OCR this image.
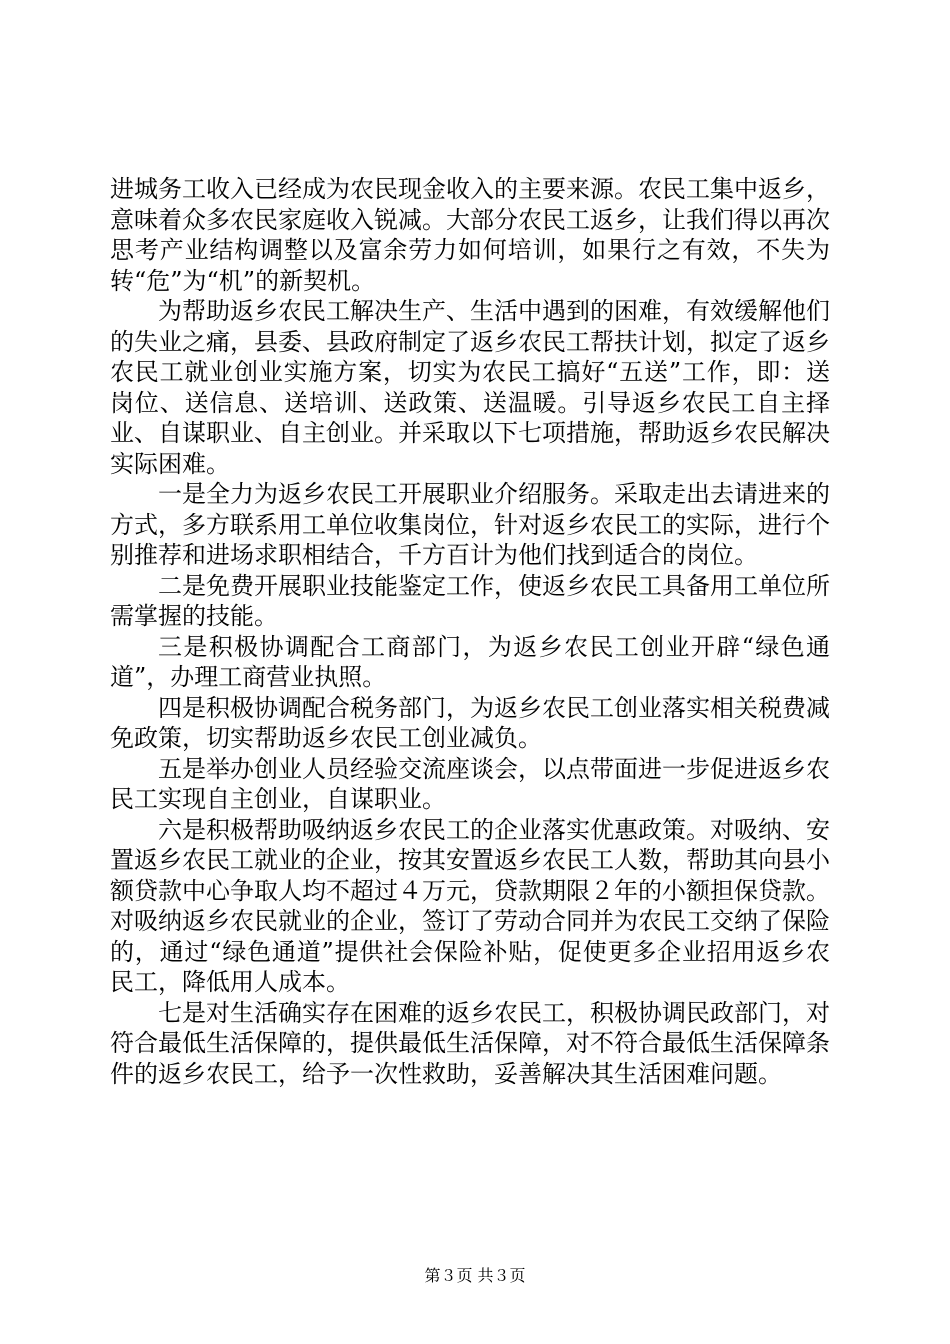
进城务工收入已经成为农民现金收入的主要来源。农民工集中返乡，意味着众多农民家庭收入锐减。大部分农民工返乡，让我们得以再次思考产业结构调整以及富余劳力如何培训，如果行之有效，不失为转“危”为“机”的新契机。

为帮助返乡农民工解决生产、生活中遇到的困难，有效缓解他们的失业之痛，县委、县政府制定了返乡农民工帮扶计划，拟定了返乡农民工就业创业实施方案，切实为农民工搞好“五送”工作，即：送岗位、送信息、送培训、送政策、送温暖。引导返乡农民工自主择业、自谋职业、自主创业。并采取以下七项措施，帮助返乡农民解决实际困难。

一是全力为返乡农民工开展职业介绍服务。采取走出去请进来的方式，多方联系用工单位收集岗位，针对返乡农民工的实际，进行个别推荐和进场求职相结合，千方百计为他们找到适合的岗位。

二是免费开展职业技能鉴定工作，使返乡农民工具备用工单位所需掌握的技能。

三是积极协调配合工商部门，为返乡农民工创业开辟“绿色通道”，办理工商营业执照。

四是积极协调配合税务部门，为返乡农民工创业落实相关税费减免政策，切实帮助返乡农民工创业减负。

五是举办创业人员经验交流座谈会，以点带面进一步促进返乡农民工实现自主创业，自谋职业。

六是积极帮助吸纳返乡农民工的企业落实优惠政策。对吸纳、安置返乡农民工就业的企业，按其安置返乡农民工人数，帮助其向县小额贷款中心争取人均不超过４万元，贷款期限２年的小额担保贷款。对吸纳返乡农民就业的企业，签订了劳动合同并为农民工交纳了保险的，通过“绿色通道”提供社会保险补贴，促使更多企业招用返乡农民工，降低用人成本。

七是对生活确实存在困难的返乡农民工，积极协调民政部门，对符合最低生活保障的，提供最低生活保障，对不符合最低生活保障条件的返乡农民工，给予一次性救助，妥善解决其生活困难问题。

第３页 共３页
